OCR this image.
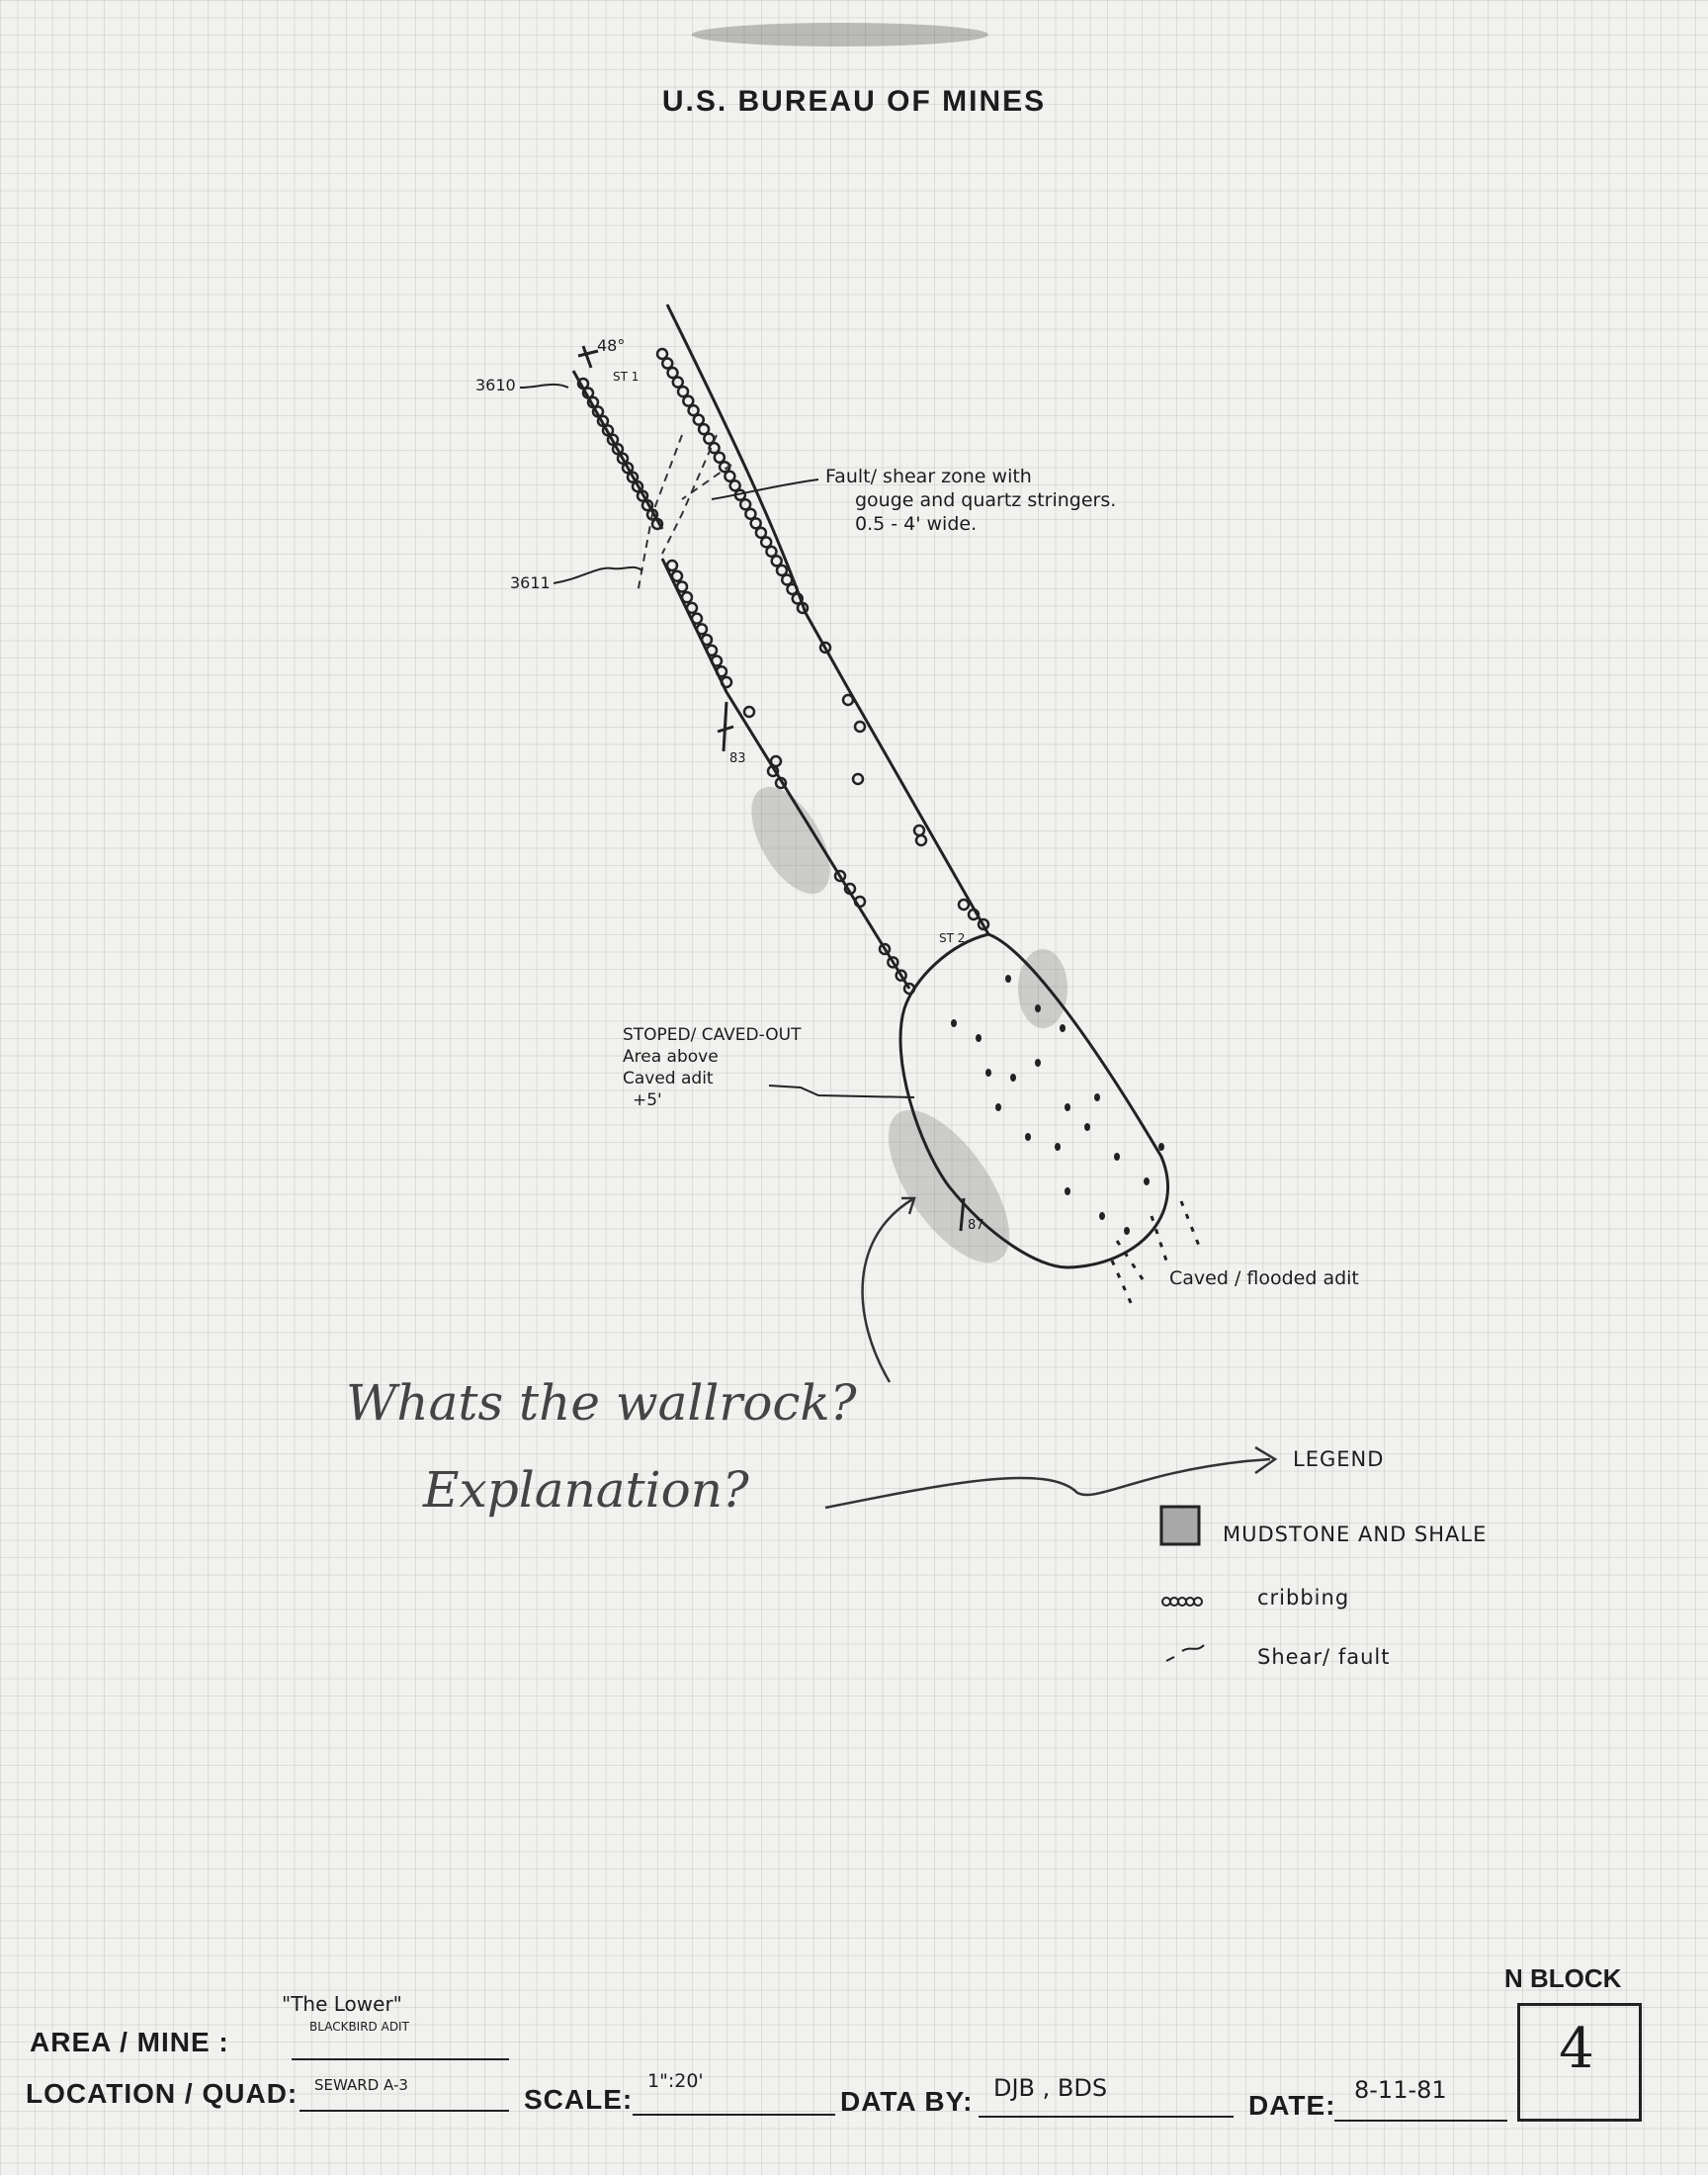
U.S. BUREAU OF MINES
3610
3611
48°
ST 1
ST 2
83
87
Fault/ shear zone with
gouge and quartz stringers.
0.5 - 4' wide.
STOPED/ CAVED-OUT
Area above
Caved adit
+5'
Caved / flooded adit
Whats the wallrock?
Explanation?
LEGEND
MUDSTONE AND SHALE
cribbing
Shear/ fault
AREA / MINE :
"The Lower"
BLACKBIRD ADIT
LOCATION / QUAD: SEWARD A-3	SCALE:
1":20'
DATA BY: DJB , BDS
DATE: 8-11-81
N BLOCK
4
